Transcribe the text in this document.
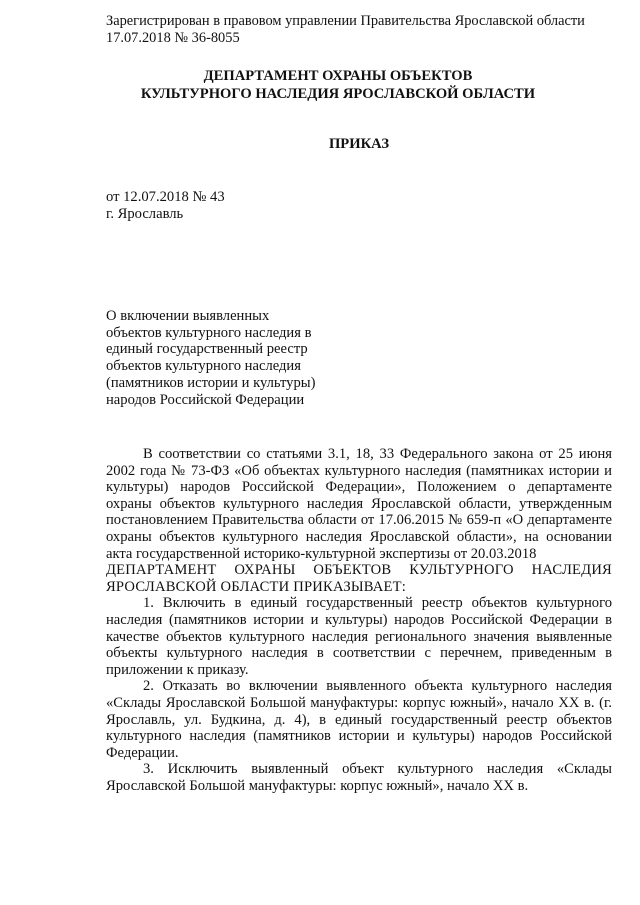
Зарегистрирован в правовом управлении Правительства Ярославской области
17.07.2018 № 36-8055
ДЕПАРТАМЕНТ ОХРАНЫ ОБЪЕКТОВ
КУЛЬТУРНОГО НАСЛЕДИЯ ЯРОСЛАВСКОЙ ОБЛАСТИ
ПРИКАЗ
от 12.07.2018 № 43
г. Ярославль
О включении выявленных
объектов культурного наследия в
единый государственный реестр
объектов культурного наследия
(памятников истории и культуры)
народов Российской Федерации

В соответствии со статьями 3.1, 18, 33 Федерального закона от 25 июня 2002 года № 73-ФЗ «Об объектах культурного наследия (памятниках истории и культуры) народов Российской Федерации», Положением о департаменте охраны объектов культурного наследия Ярославской области, утвержденным постановлением Правительства области от 17.06.2015 № 659-п «О департаменте охраны объектов культурного наследия Ярославской области», на основании акта государственной историко-культурной экспертизы от 20.03.2018

ДЕПАРТАМЕНТ ОХРАНЫ ОБЪЕКТОВ КУЛЬТУРНОГО НАСЛЕДИЯ ЯРОСЛАВСКОЙ ОБЛАСТИ ПРИКАЗЫВАЕТ:

1. Включить в единый государственный реестр объектов культурного наследия (памятников истории и культуры) народов Российской Федерации в качестве объектов культурного наследия регионального значения выявленные объекты культурного наследия в соответствии с перечнем, приведенным в приложении к приказу.

2. Отказать во включении выявленного объекта культурного наследия «Склады Ярославской Большой мануфактуры: корпус южный», начало XX в. (г. Ярославль, ул. Будкина, д. 4), в единый государственный реестр объектов культурного наследия (памятников истории и культуры) народов Российской Федерации.

3. Исключить выявленный объект культурного наследия «Склады Ярославской Большой мануфактуры: корпус южный», начало XX в.
